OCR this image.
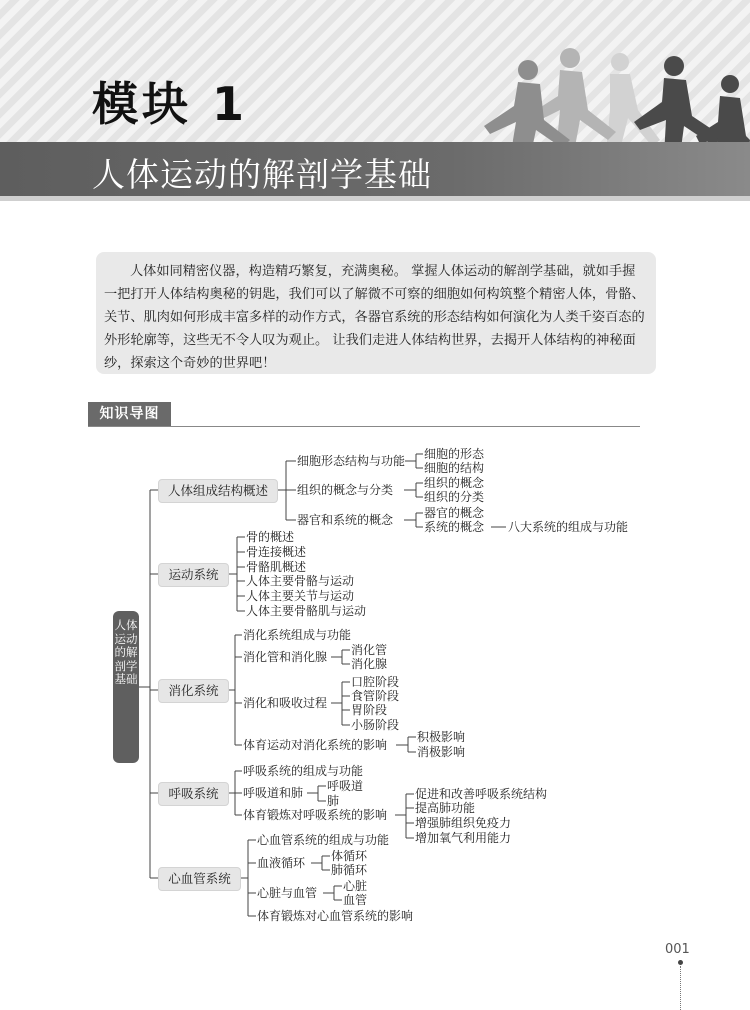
模块 1
人体运动的解剖学基础

人体如同精密仪器，构造精巧繁复，充满奥秘。 掌握人体运动的解剖学基础，就如手握一把打开人体结构奥秘的钥匙，我们可以了解微不可察的细胞如何构筑整个精密人体，骨骼、关节、肌肉如何形成丰富多样的动作方式，各器官系统的形态结构如何演化为人类千姿百态的外形轮廓等，这些无不令人叹为观止。 让我们走进人体结构世界，去揭开人体结构的神秘面纱，探索这个奇妙的世界吧！

知识导图
人体运动的解剖学基础
人体组成结构概述
运动系统
消化系统
呼吸系统
心血管系统
细胞形态结构与功能 细胞的形态
细胞的结构
组织的概念与分类	组织的概念
组织的分类
器官和系统的概念	器官的概念
系统的概念 八大系统的组成与功能
骨的概述
骨连接概述
骨骼肌概述
人体主要骨骼与运动
人体主要关节与运动
人体主要骨骼肌与运动
消化系统组成与功能
消化管和消化腺 消化管
消化腺
消化和吸收过程
口腔阶段
食管阶段
胃阶段
小肠阶段
体育运动对消化系统的影响
积极影响
消极影响
呼吸系统的组成与功能
呼吸道和肺 呼吸道
肺
体育锻炼对呼吸系统的影响
促进和改善呼吸系统结构
提高肺功能
增强肺组织免疫力
增加氧气利用能力
心血管系统的组成与功能
血液循环 体循环
肺循环
心脏与血管 心脏
血管
体育锻炼对心血管系统的影响
001
